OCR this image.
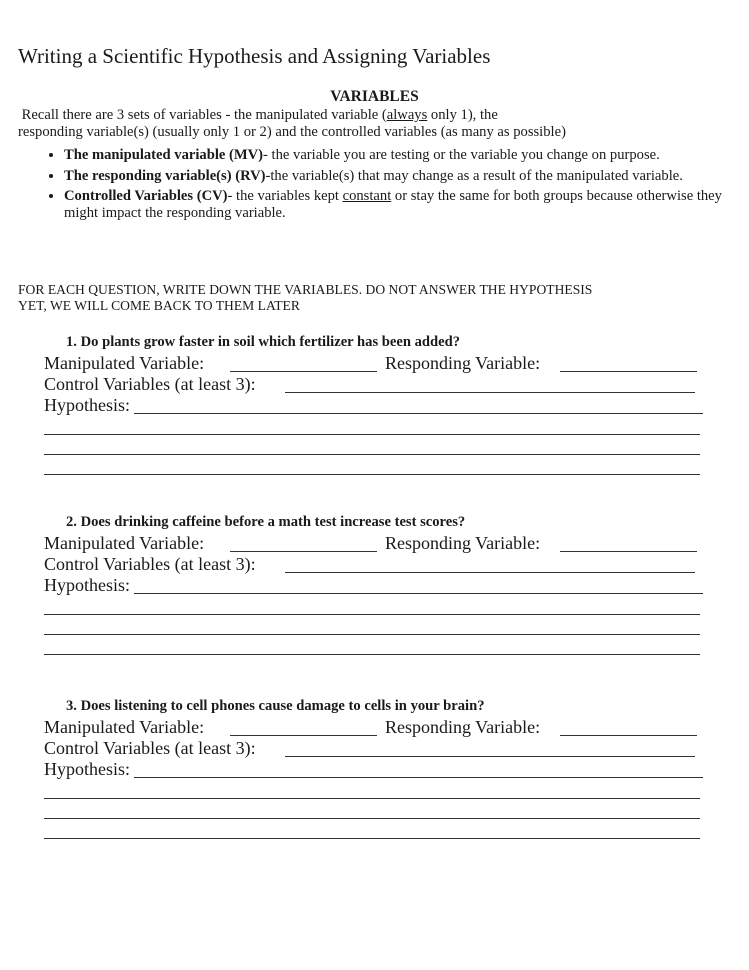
Writing a Scientific Hypothesis and Assigning Variables
VARIABLES
Recall there are 3 sets of variables - the manipulated variable (always only 1), the
responding variable(s) (usually only 1 or 2) and the controlled variables (as many as possible)
• The manipulated variable (MV)- the variable you are testing or the variable you change on purpose.
• The responding variable(s) (RV)-the variable(s) that may change as a result of the manipulated variable.
• Controlled Variables (CV)- the variables kept constant or stay the same for both groups because otherwise they might impact the responding variable.
FOR EACH QUESTION, WRITE DOWN THE VARIABLES. DO NOT ANSWER THE HYPOTHESIS
YET, WE WILL COME BACK TO THEM LATER
1. Do plants grow faster in soil which fertilizer has been added?
Manipulated Variable:	Responding Variable:
Control Variables (at least 3):
Hypothesis:
2. Does drinking caffeine before a math test increase test scores?
Manipulated Variable:	Responding Variable:
Control Variables (at least 3):
Hypothesis:
3. Does listening to cell phones cause damage to cells in your brain?
Manipulated Variable:	Responding Variable:
Control Variables (at least 3):
Hypothesis:
